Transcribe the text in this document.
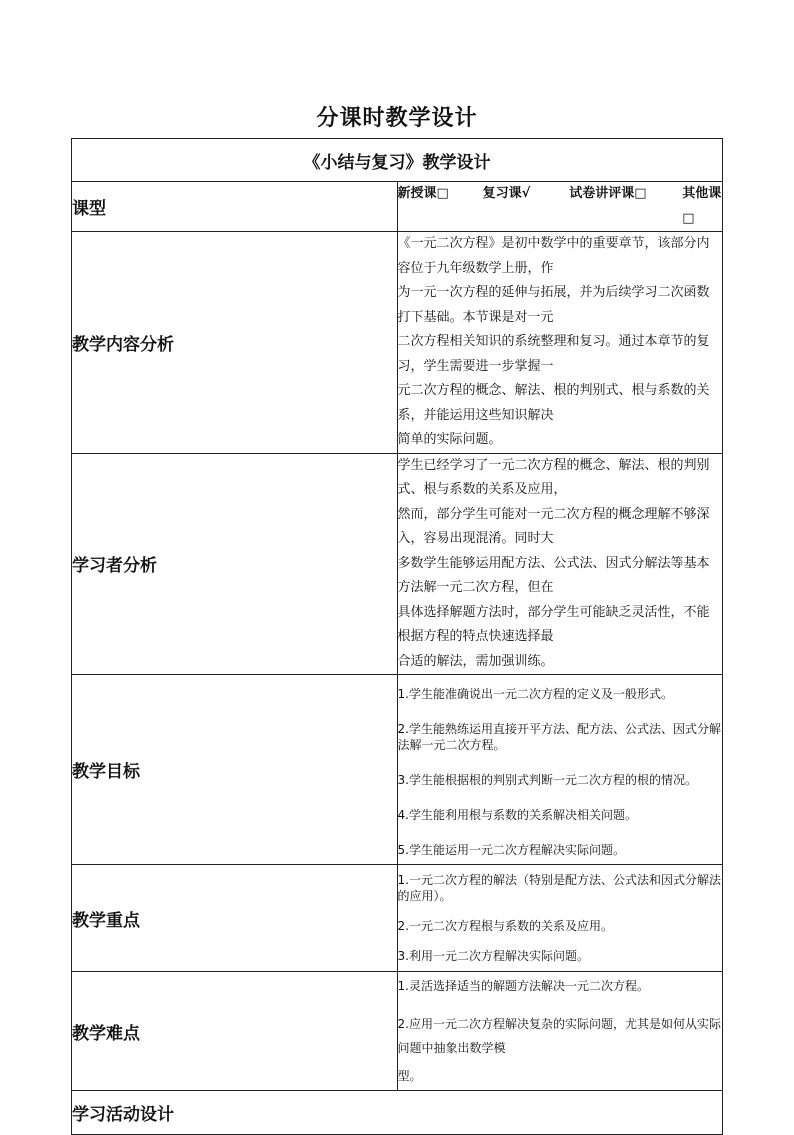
分课时教学设计
《小结与复习》教学设计	
课型	新授课□ 复习课√ 试卷讲评课□ 其他课□

教学内容分析	《一元二次方程》是初中数学中的重要章节，该部分内容位于九年级数学上册，作
为一元一次方程的延伸与拓展，并为后续学习二次函数打下基础。本节课是对一元
二次方程相关知识的系统整理和复习。通过本章节的复习，学生需要进一步掌握一
元二次方程的概念、解法、根的判别式、根与系数的关系，并能运用这些知识解决
简单的实际问题。

学习者分析	学生已经学习了一元二次方程的概念、解法、根的判别式、根与系数的关系及应用，
然而，部分学生可能对一元二次方程的概念理解不够深入，容易出现混淆。同时大
多数学生能够运用配方法、公式法、因式分解法等基本方法解一元二次方程，但在
具体选择解题方法时，部分学生可能缺乏灵活性，不能根据方程的特点快速选择最
合适的解法，需加强训练。

教学目标	1.学生能准确说出一元二次方程的定义及一般形式。
2.学生能熟练运用直接开平方法、配方法、公式法、因式分解法解一元二次方程。
3.学生能根据根的判别式判断一元二次方程的根的情况。
4.学生能利用根与系数的关系解决相关问题。
5.学生能运用一元二次方程解决实际问题。

教学重点	1.一元二次方程的解法（特别是配方法、公式法和因式分解法的应用）。
2.一元二次方程根与系数的关系及应用。
3.利用一元二次方程解决实际问题。

教学难点	1.灵活选择适当的解题方法解决一元二次方程。
2.应用一元二次方程解决复杂的实际问题，尤其是如何从实际问题中抽象出数学模
型。

学习活动设计	
